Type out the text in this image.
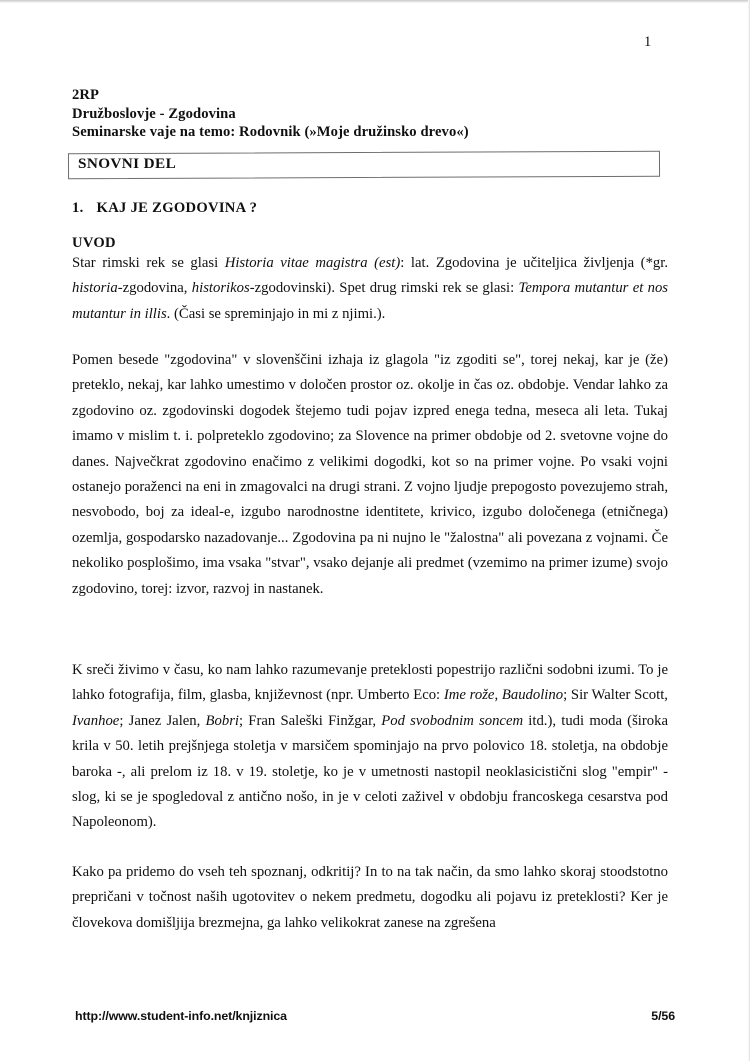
1
2RP
Družboslovje - Zgodovina
Seminarske vaje na temo: Rodovnik (»Moje družinsko drevo«)
SNOVNI DEL
1. KAJ JE ZGODOVINA ?
UVOD
Star rimski rek se glasi Historia vitae magistra (est): lat. Zgodovina je učiteljica življenja (*gr. historia-zgodovina, historikos-zgodovinski). Spet drug rimski rek se glasi: Tempora mutantur et nos mutantur in illis. (Časi se spreminjajo in mi z njimi.).
Pomen besede "zgodovina" v slovenščini izhaja iz glagola "iz zgoditi se", torej nekaj, kar je (že) preteklo, nekaj, kar lahko umestimo v določen prostor oz. okolje in čas oz. obdobje. Vendar lahko za zgodovino oz. zgodovinski dogodek štejemo tudi pojav izpred enega tedna, meseca ali leta. Tukaj imamo v mislim t. i. polpreteklo zgodovino; za Slovence na primer obdobje od 2. svetovne vojne do danes. Največkrat zgodovino enačimo z velikimi dogodki, kot so na primer vojne. Po vsaki vojni ostanejo poraženci na eni in zmagovalci na drugi strani. Z vojno ljudje prepogosto povezujemo strah, nesvobodo, boj za ideal-e, izgubo narodnostne identitete, krivico, izgubo določenega (etničnega) ozemlja, gospodarsko nazadovanje... Zgodovina pa ni nujno le "žalostna" ali povezana z vojnami. Če nekoliko posplošimo, ima vsaka "stvar", vsako dejanje ali predmet (vzemimo na primer izume) svojo zgodovino, torej: izvor, razvoj in nastanek.
K sreči živimo v času, ko nam lahko razumevanje preteklosti popestrijo različni sodobni izumi. To je lahko fotografija, film, glasba, književnost (npr. Umberto Eco: Ime rože, Baudolino; Sir Walter Scott, Ivanhoe; Janez Jalen, Bobri; Fran Saleški Finžgar, Pod svobodnim soncem itd.), tudi moda (široka krila v 50. letih prejšnjega stoletja v marsičem spominjajo na prvo polovico 18. stoletja, na obdobje baroka -, ali prelom iz 18. v 19. stoletje, ko je v umetnosti nastopil neoklasicistični slog "empir" - slog, ki se je spogledoval z antično nošo, in je v celoti zaživel v obdobju francoskega cesarstva pod Napoleonom).
Kako pa pridemo do vseh teh spoznanj, odkritij? In to na tak način, da smo lahko skoraj stoodstotno prepričani v točnost naših ugotovitev o nekem predmetu, dogodku ali pojavu iz preteklosti? Ker je človekova domišljija brezmejna, ga lahko velikokrat zanese na zgrešena
http://www.student-info.net/knjiznica	5/56
